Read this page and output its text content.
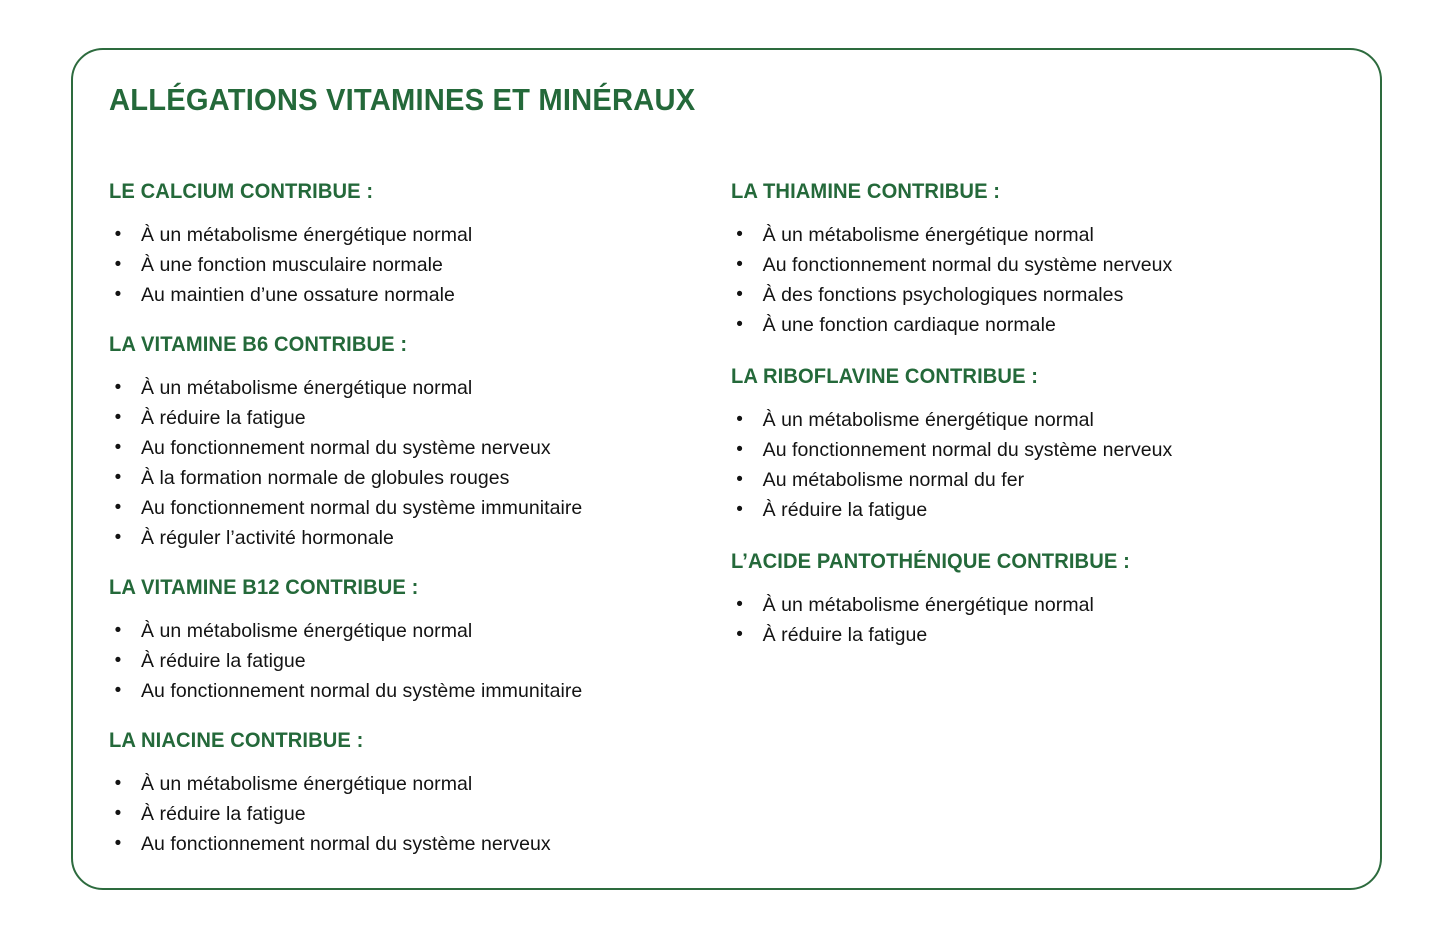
ALLÉGATIONS VITAMINES ET MINÉRAUX
LE CALCIUM CONTRIBUE :
• À un métabolisme énergétique normal
• À une fonction musculaire normale
• Au maintien d’une ossature normale
LA VITAMINE B6 CONTRIBUE :
• À un métabolisme énergétique normal
• À réduire la fatigue
• Au fonctionnement normal du système nerveux
• À la formation normale de globules rouges
• Au fonctionnement normal du système immunitaire
• À réguler l’activité hormonale
LA VITAMINE B12 CONTRIBUE :
• À un métabolisme énergétique normal
• À réduire la fatigue
• Au fonctionnement normal du système immunitaire
LA NIACINE CONTRIBUE :
• À un métabolisme énergétique normal
• À réduire la fatigue
• Au fonctionnement normal du système nerveux
LA THIAMINE CONTRIBUE :
• À un métabolisme énergétique normal
• Au fonctionnement normal du système nerveux
• À des fonctions psychologiques normales
• À une fonction cardiaque normale
LA RIBOFLAVINE CONTRIBUE :
• À un métabolisme énergétique normal
• Au fonctionnement normal du système nerveux
• Au métabolisme normal du fer
• À réduire la fatigue
L’ACIDE PANTOTHÉNIQUE CONTRIBUE :
• À un métabolisme énergétique normal
• À réduire la fatigue
